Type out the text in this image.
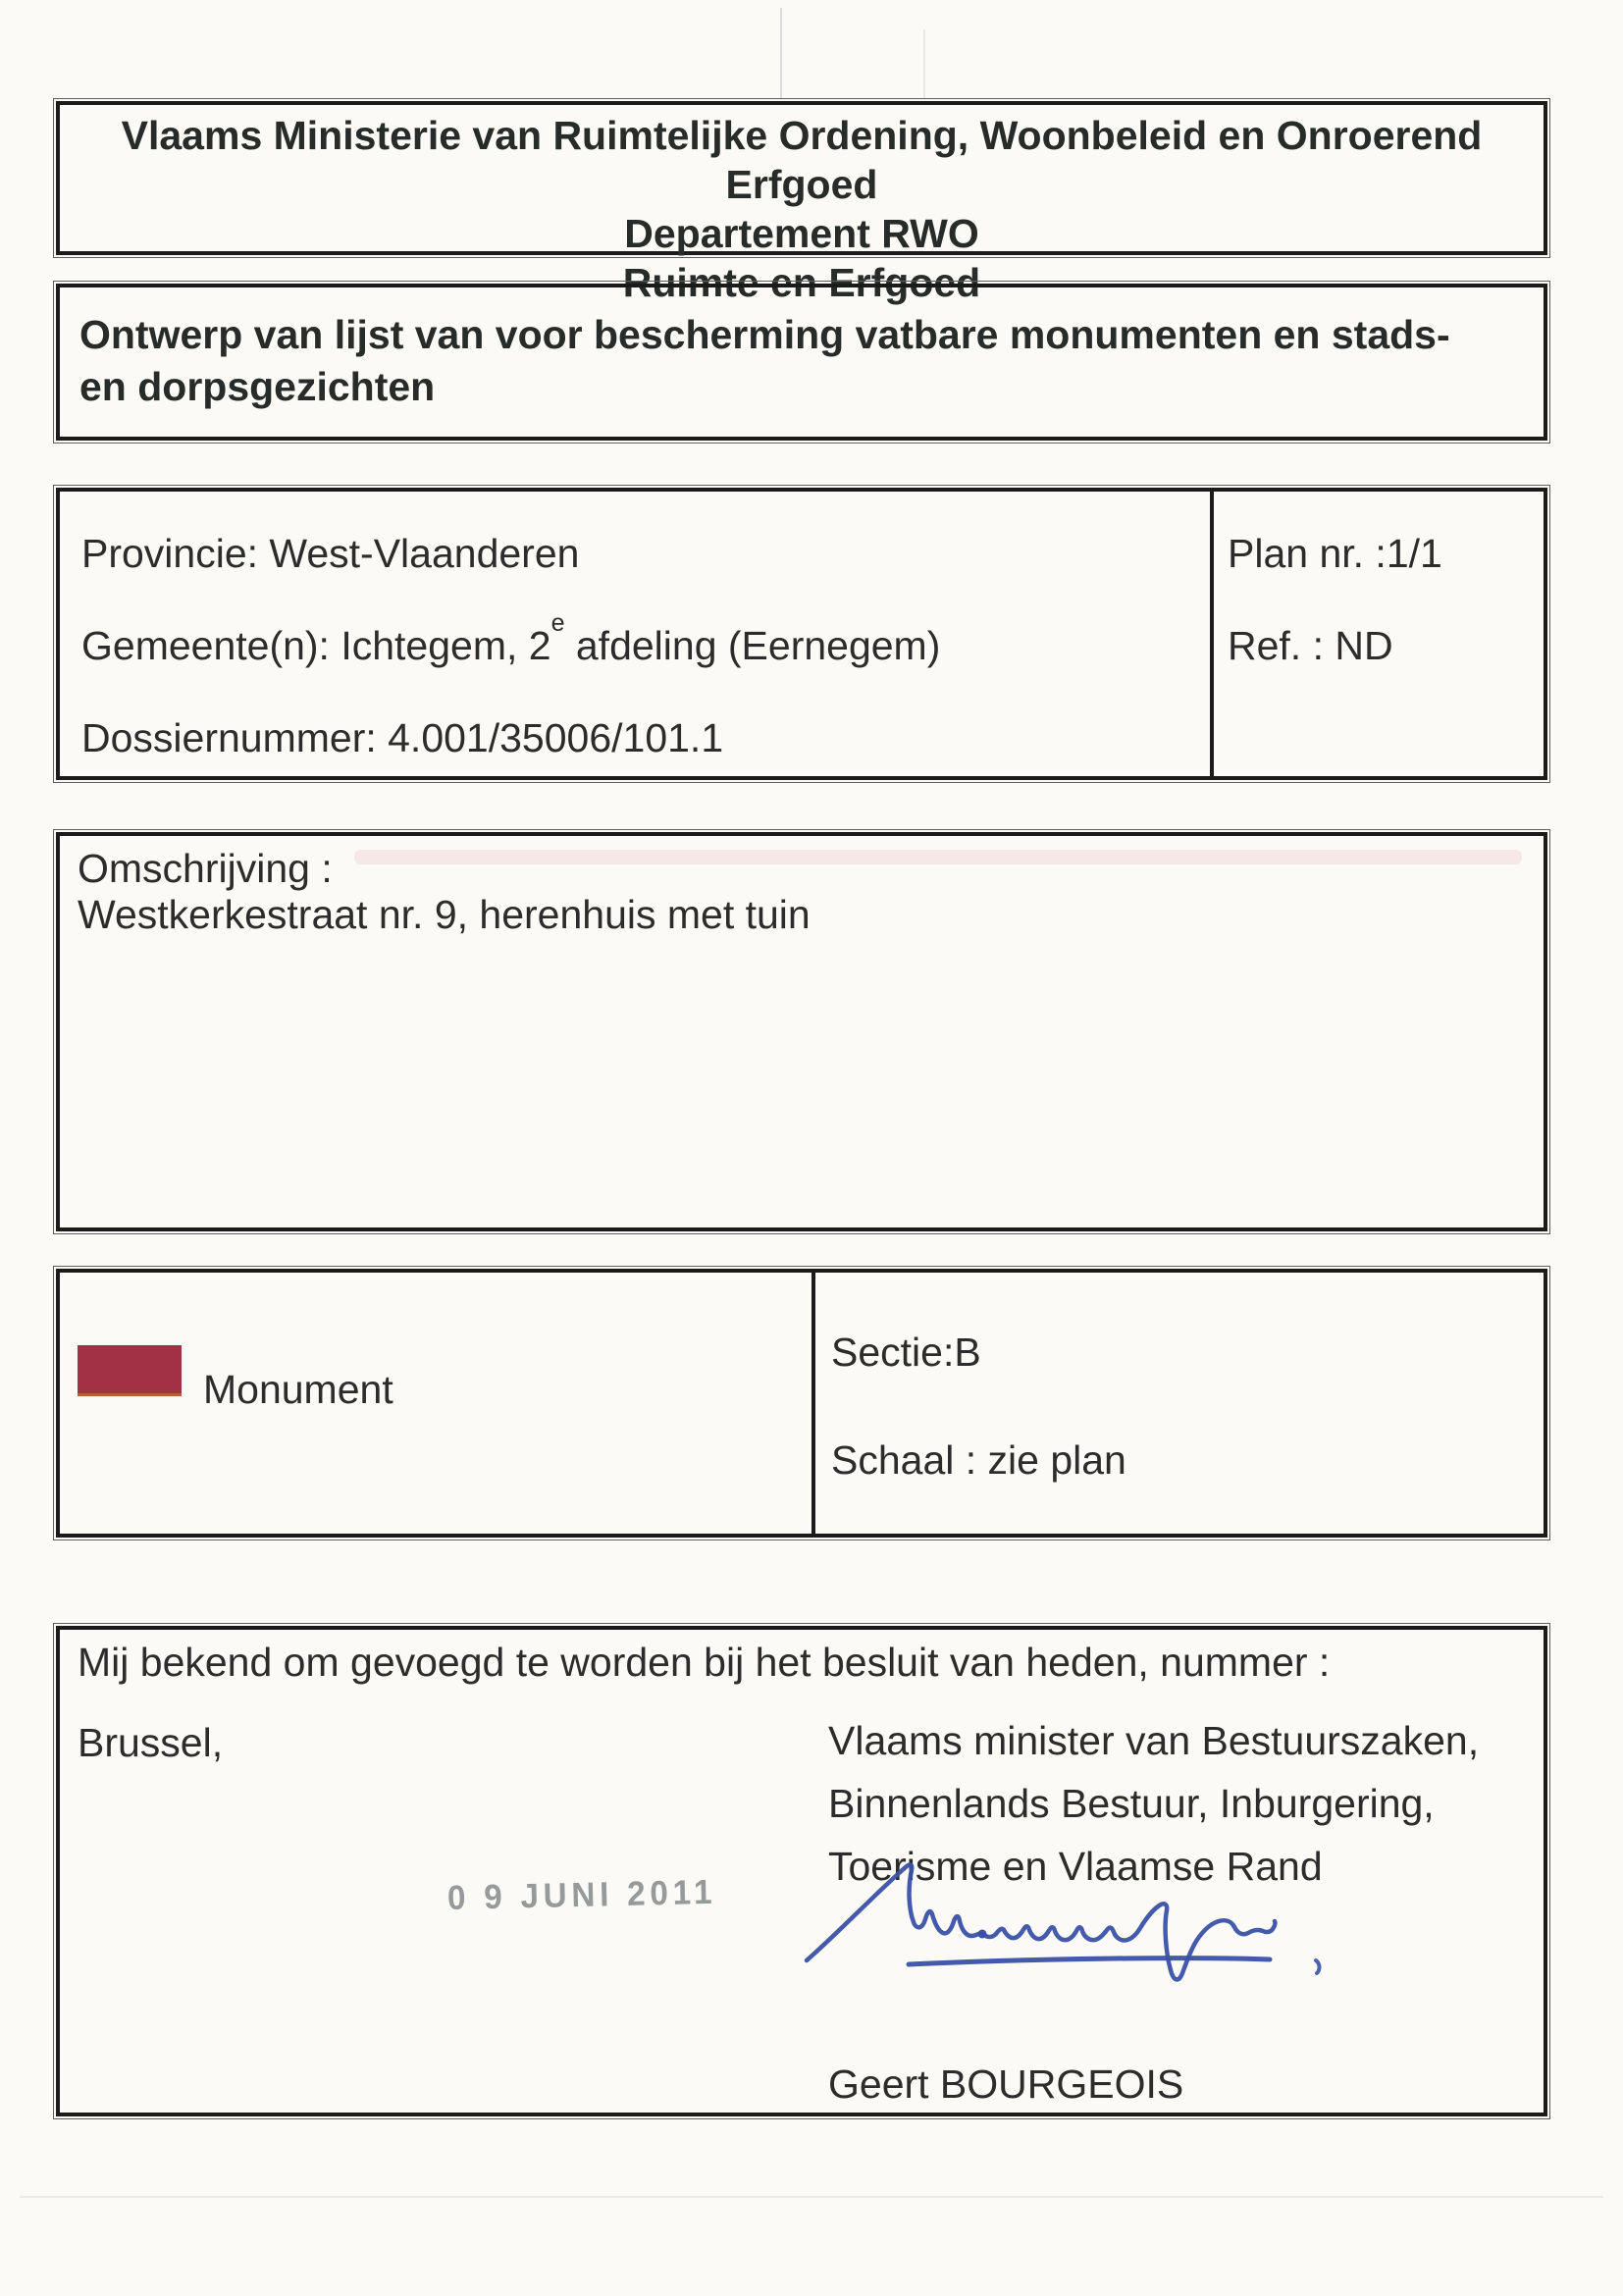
Vlaams Ministerie van Ruimtelijke Ordening, Woonbeleid en Onroerend Erfgoed
Departement RWO
Ruimte en Erfgoed
Ontwerp van lijst van voor bescherming vatbare monumenten en stads- en dorpsgezichten
Provincie: West-Vlaanderen
Gemeente(n): Ichtegem, 2e afdeling (Eernegem)
Dossiernummer: 4.001/35006/101.1
Plan nr. :1/1
Ref. : ND
Omschrijving :
Westkerkestraat nr. 9, herenhuis met tuin
Monument
Sectie:B
Schaal : zie plan
Mij bekend om gevoegd te worden bij het besluit van heden, nummer :
Brussel,	Vlaams minister van Bestuurszaken,
Binnenlands Bestuur, Inburgering,
Toerisme en Vlaamse Rand
0 9 JUNI 2011
Geert BOURGEOIS
